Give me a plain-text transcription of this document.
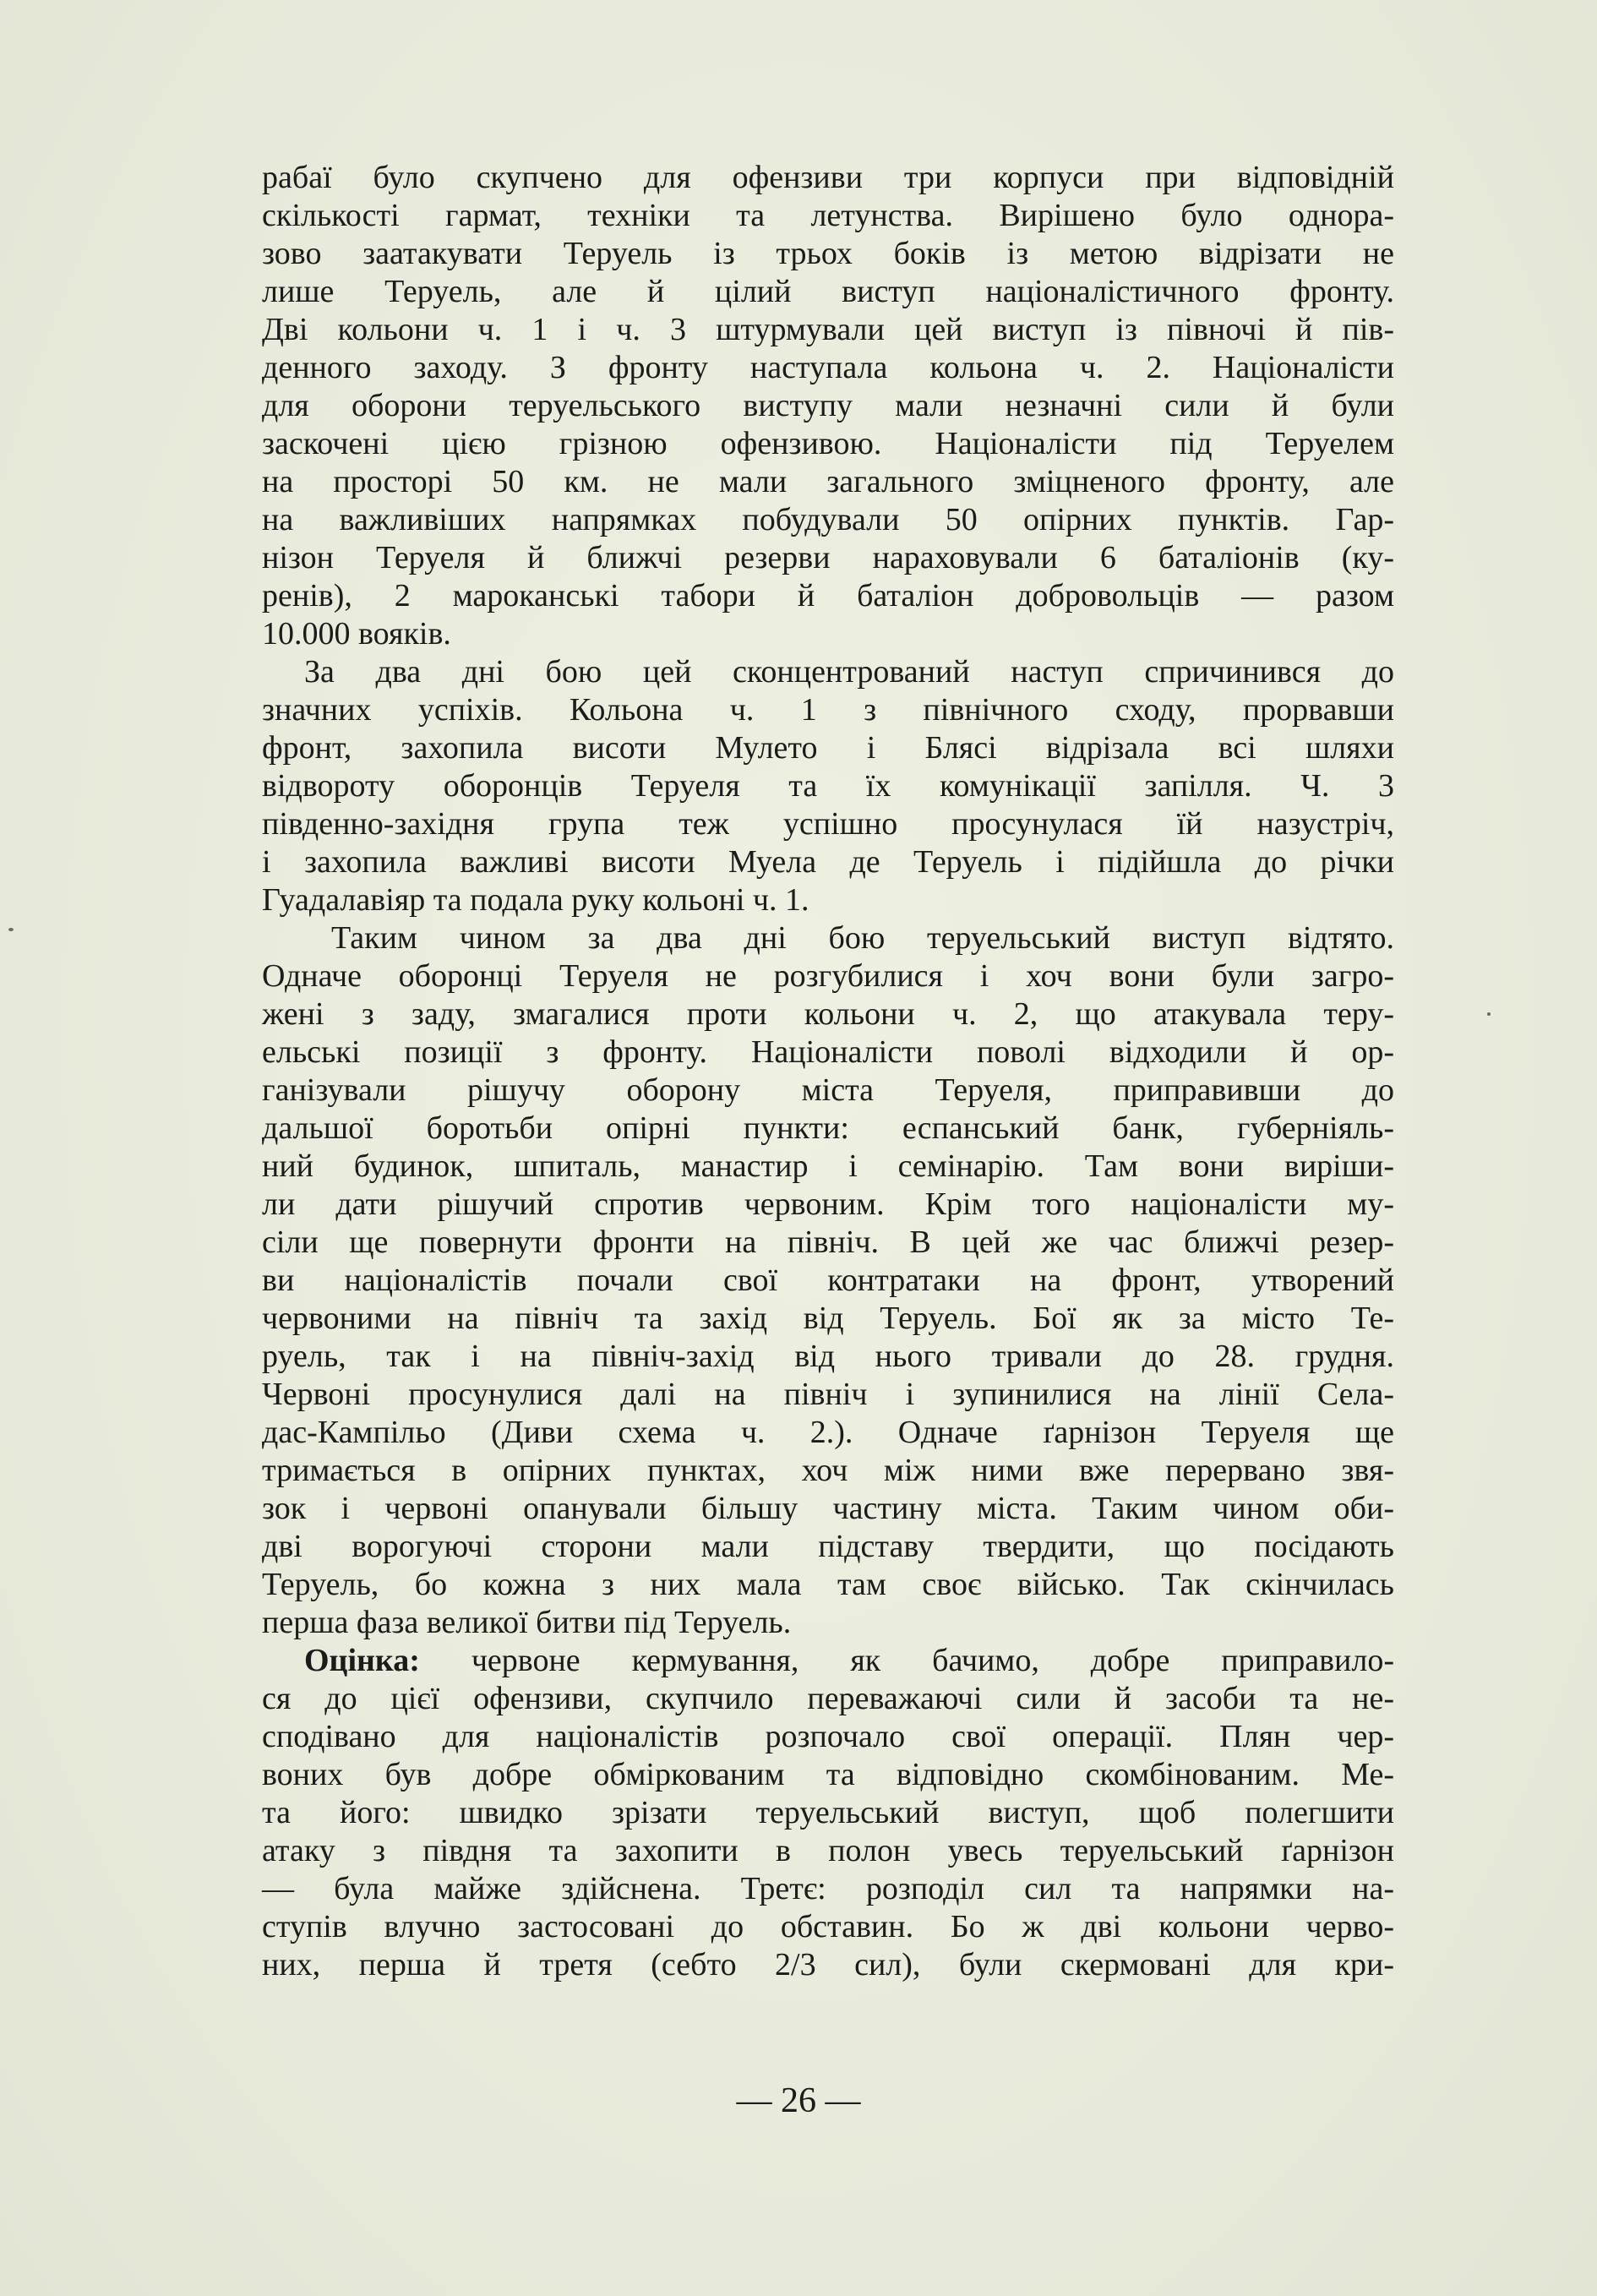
рабаї було скупчено для офензиви три корпуси при відповідній
скількості гармат, техніки та летунства. Вирішено було однора-
зово заатакувати Теруель із трьох боків із метою відрізати не
лише Теруель, але й цілий виступ націоналістичного фронту.
Дві кольони ч. 1 і ч. 3 штурмували цей виступ із півночі й пів-
денного заходу. З фронту наступала кольона ч. 2. Націоналісти
для оборони теруельського виступу мали незначні сили й були
заскочені цією грізною офензивою. Націоналісти під Теруелем
на просторі 50 км. не мали загального зміцненого фронту, але
на важливіших напрямках побудували 50 опірних пунктів. Гар-
нізон Теруеля й ближчі резерви нараховували 6 баталіонів (ку-
ренів), 2 мароканські табори й баталіон добровольців — разом
10.000 вояків.
За два дні бою цей сконцентрований наступ спричинився до
значних успіхів. Кольона ч. 1 з північного сходу, прорвавши
фронт, захопила висоти Мулето і Блясі відрізала всі шляхи
відвороту оборонців Теруеля та їх комунікації запілля. Ч. 3
південно-західня група теж успішно просунулася їй назустріч,
і захопила важливі висоти Муела де Теруель і підійшла до річки
Гуадалавіяр та подала руку кольоні ч. 1.
Таким чином за два дні бою теруельський виступ відтято.
Одначе оборонці Теруеля не розгубилися і хоч вони були загро-
жені з заду, змагалися проти кольони ч. 2, що атакувала теру-
ельські позиції з фронту. Націоналісти поволі відходили й ор-
ганізували рішучу оборону міста Теруеля, приправивши до
дальшої боротьби опірні пункти: еспанський банк, губерніяль-
ний будинок, шпиталь, манастир і семінарію. Там вони виріши-
ли дати рішучий спротив червоним. Крім того націоналісти му-
сіли ще повернути фронти на північ. В цей же час ближчі резер-
ви націоналістів почали свої контратаки на фронт, утворений
червоними на північ та захід від Теруель. Бої як за місто Те-
руель, так і на північ-захід від нього тривали до 28. грудня.
Червоні просунулися далі на північ і зупинилися на лінії Села-
дас-Кампільо (Диви схема ч. 2.). Одначе ґарнізон Теруеля ще
тримається в опірних пунктах, хоч між ними вже перервано звя-
зок і червоні опанували більшу частину міста. Таким чином оби-
дві ворогуючі сторони мали підставу твердити, що посідають
Теруель, бо кожна з них мала там своє військо. Так скінчилась
перша фаза великої битви під Теруель.
Оцінка: червоне кермування, як бачимо, добре приправило-
ся до цієї офензиви, скупчило переважаючі сили й засоби та не-
сподівано для націоналістів розпочало свої операції. Плян чер-
воних був добре обміркованим та відповідно скомбінованим. Ме-
та його: швидко зрізати теруельський виступ, щоб полегшити
атаку з півдня та захопити в полон увесь теруельський ґарнізон
— була майже здійснена. Третє: розподіл сил та напрямки на-
ступів влучно застосовані до обставин. Бо ж дві кольони черво-
них, перша й третя (себто 2/3 сил), були скермовані для кри-
— 26 —
